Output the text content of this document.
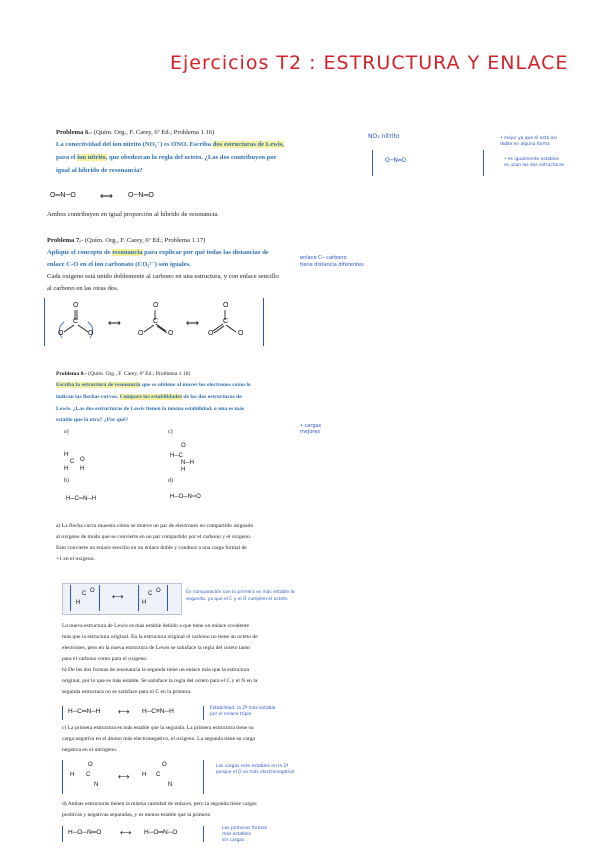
Ejercicios T2 : ESTRUCTURA Y ENLACE
Problema 6.- (Quím. Org., F. Carey, 6ª Ed.; Problema 1.16)
La conectividad del ion nitrito (NO₂⁻) es ONO. Escriba dos estructuras de Lewis,
para el ion nitrito, que obedezcan la regla del octeto. ¿Las dos contribuyen por
igual al híbrido de resonancia?
O═N─O	⟷ O─N═O
Ambos contribuyen en igual proporción al híbrido de resonancia.
NO₂ nitrito
O─N═O
• mejor ya que él está así
doble en alguna forma
• es igualmente estables
se usan las dos estructuras
Problema 7.- (Quím. Org., F. Carey, 6ª Ed.; Problema 1.17)
Aplique el concepto de resonancia para explicar por qué todas las distancias de
enlace C-O en el ion carbonato (CO₃²⁻) son iguales.
Cada oxígeno está unido doblemente al carbono en una estructura, y con enlace sencillo
al carbono en las otras dos.
enlace C─ carbono
tiene distancia diferentes
O
C
O	O
⟷
O
C
O	O
⟷
O
C
O	O
Problema 8.- (Quím. Org., F. Carey, 6ª Ed.; Problema 1.18)
Escriba la estructura de resonancia que se obtiene al mover los electrones como lo
indican las flechas curvas. Compare las estabilidades de las dos estructuras de
Lewis. ¿Las dos estructuras de Lewis tienen la misma estabilidad, o una es más
estable que la otra? ¿Por qué?
• cargas
mejores
a)
b)
c)
d)
H
C O
H H
H─C═N─H
O
H─C
N─H
H
H─O─N═O
a) La flecha curva muestra cómo se mueve un par de electrones no compartido asignado
al oxígeno de modo que se convierte en un par compartido por el carbono y el oxígeno.
Esto convierte un enlace sencillo en un enlace doble y conduce a una carga formal de
+1 en el oxígeno.
C O
H
⟷	C O
H
En comparación con la primera es más estable la
segunda, ya que el C y el O cumplen el octeto
La nueva estructura de Lewis es más estable debido a que tiene un enlace covalente
más que la estructura original. En la estructura original el carbono no tiene un octeto de
electrones, pero en la nueva estructura de Lewis se satisface la regla del octeto tanto
para el carbono como para el oxígeno.
b) De las dos formas de resonancia la segunda tiene un enlace más que la estructura
original, por lo que es más estable. Se satisface la regla del octeto para el C y el N en la
segunda estructura no se satisface para el C en la primera.
H─C═N─H ⟷ H─C≡N─H	Estabilidad: la 2ª más estable
por el enlace triple
c) La primera estructura es más estable que la segunda. La primera estructura tiene su
carga negativa en el átomo más electronegativo, el oxígeno. La segunda tiene su carga
negativa en el nitrógeno.
O
H C
N
⟷
O
H C
N
Las cargas más estables en la 1ª
porque el O es más electronegativo
d) Ambas estructuras tienen la misma cantidad de enlaces, pero la segunda tiene cargas
positivas y negativas separadas, y es menos estable que la primera
H─O─N═O ⟷ H─O═N─O
Las primeras formas
más estables
sin cargas
